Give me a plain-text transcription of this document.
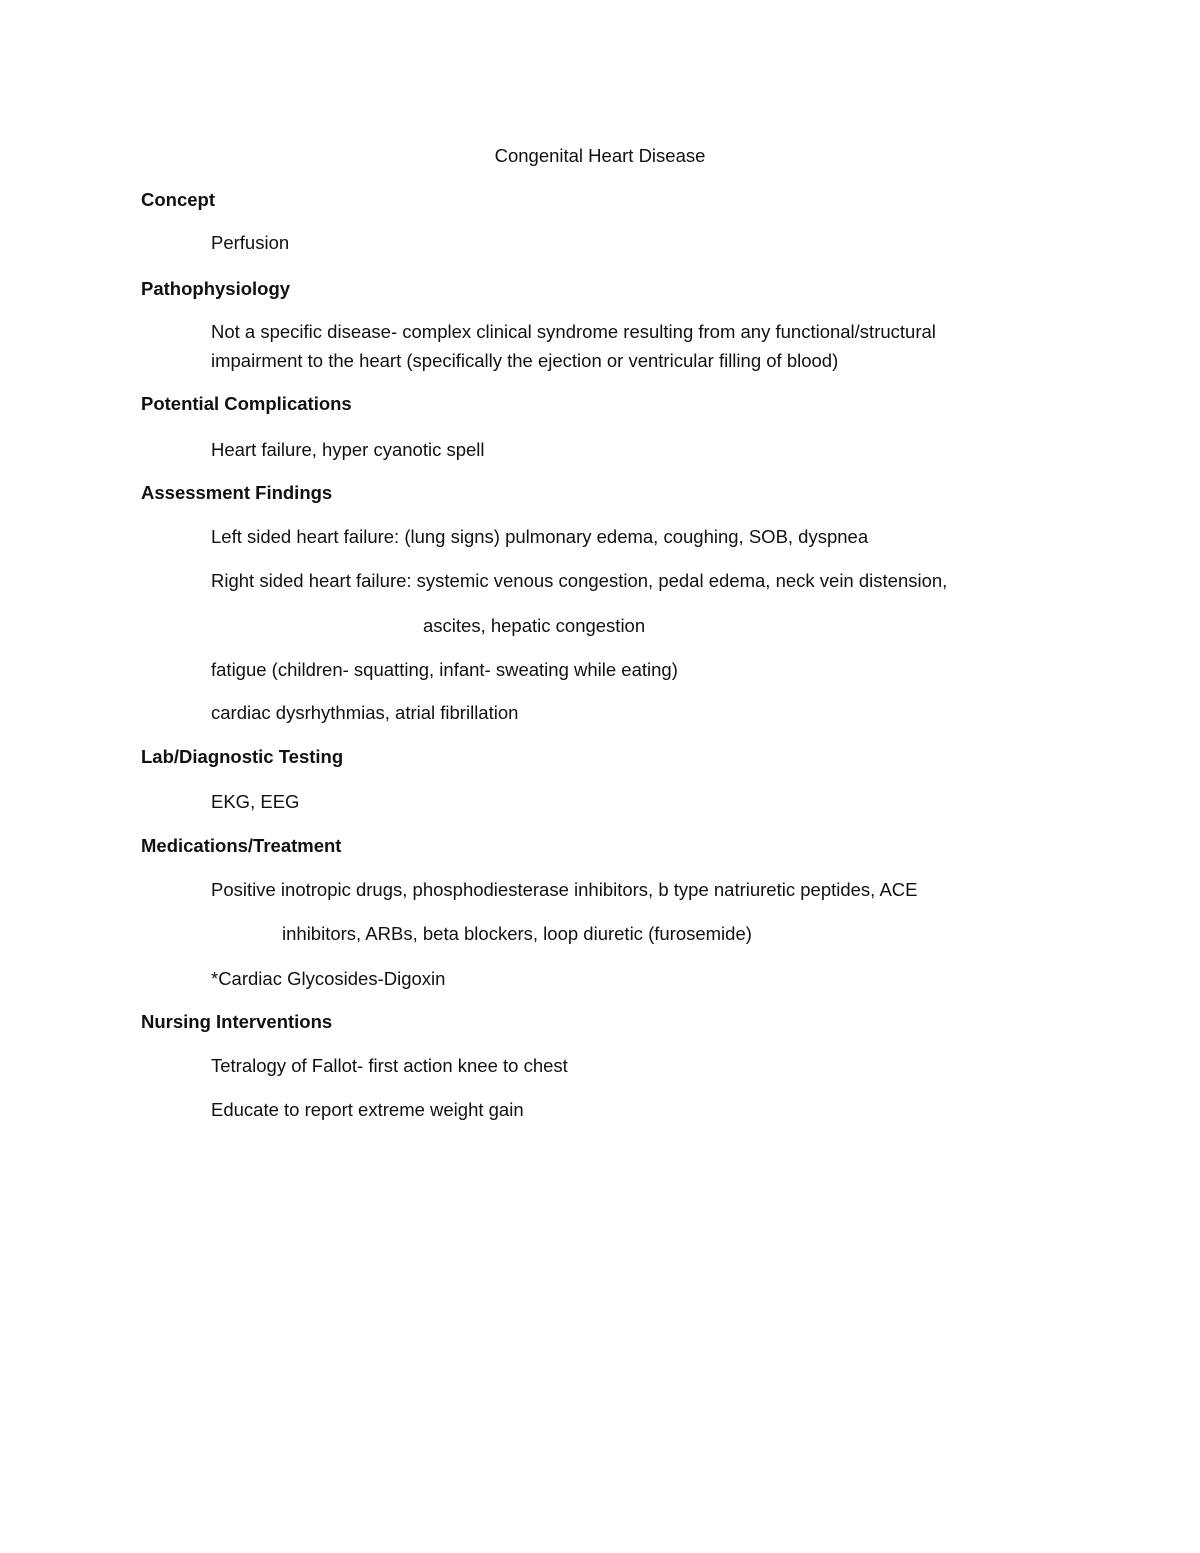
Congenital Heart Disease
Concept
Perfusion
Pathophysiology
Not a specific disease- complex clinical syndrome resulting from any functional/structural
impairment to the heart (specifically the ejection or ventricular filling of blood)
Potential Complications
Heart failure, hyper cyanotic spell
Assessment Findings
Left sided heart failure: (lung signs) pulmonary edema, coughing, SOB, dyspnea
Right sided heart failure: systemic venous congestion, pedal edema, neck vein distension,
ascites, hepatic congestion
fatigue (children- squatting, infant- sweating while eating)
cardiac dysrhythmias, atrial fibrillation
Lab/Diagnostic Testing
EKG, EEG
Medications/Treatment
Positive inotropic drugs, phosphodiesterase inhibitors, b type natriuretic peptides, ACE
inhibitors, ARBs, beta blockers, loop diuretic (furosemide)
*Cardiac Glycosides-Digoxin
Nursing Interventions
Tetralogy of Fallot- first action knee to chest
Educate to report extreme weight gain
